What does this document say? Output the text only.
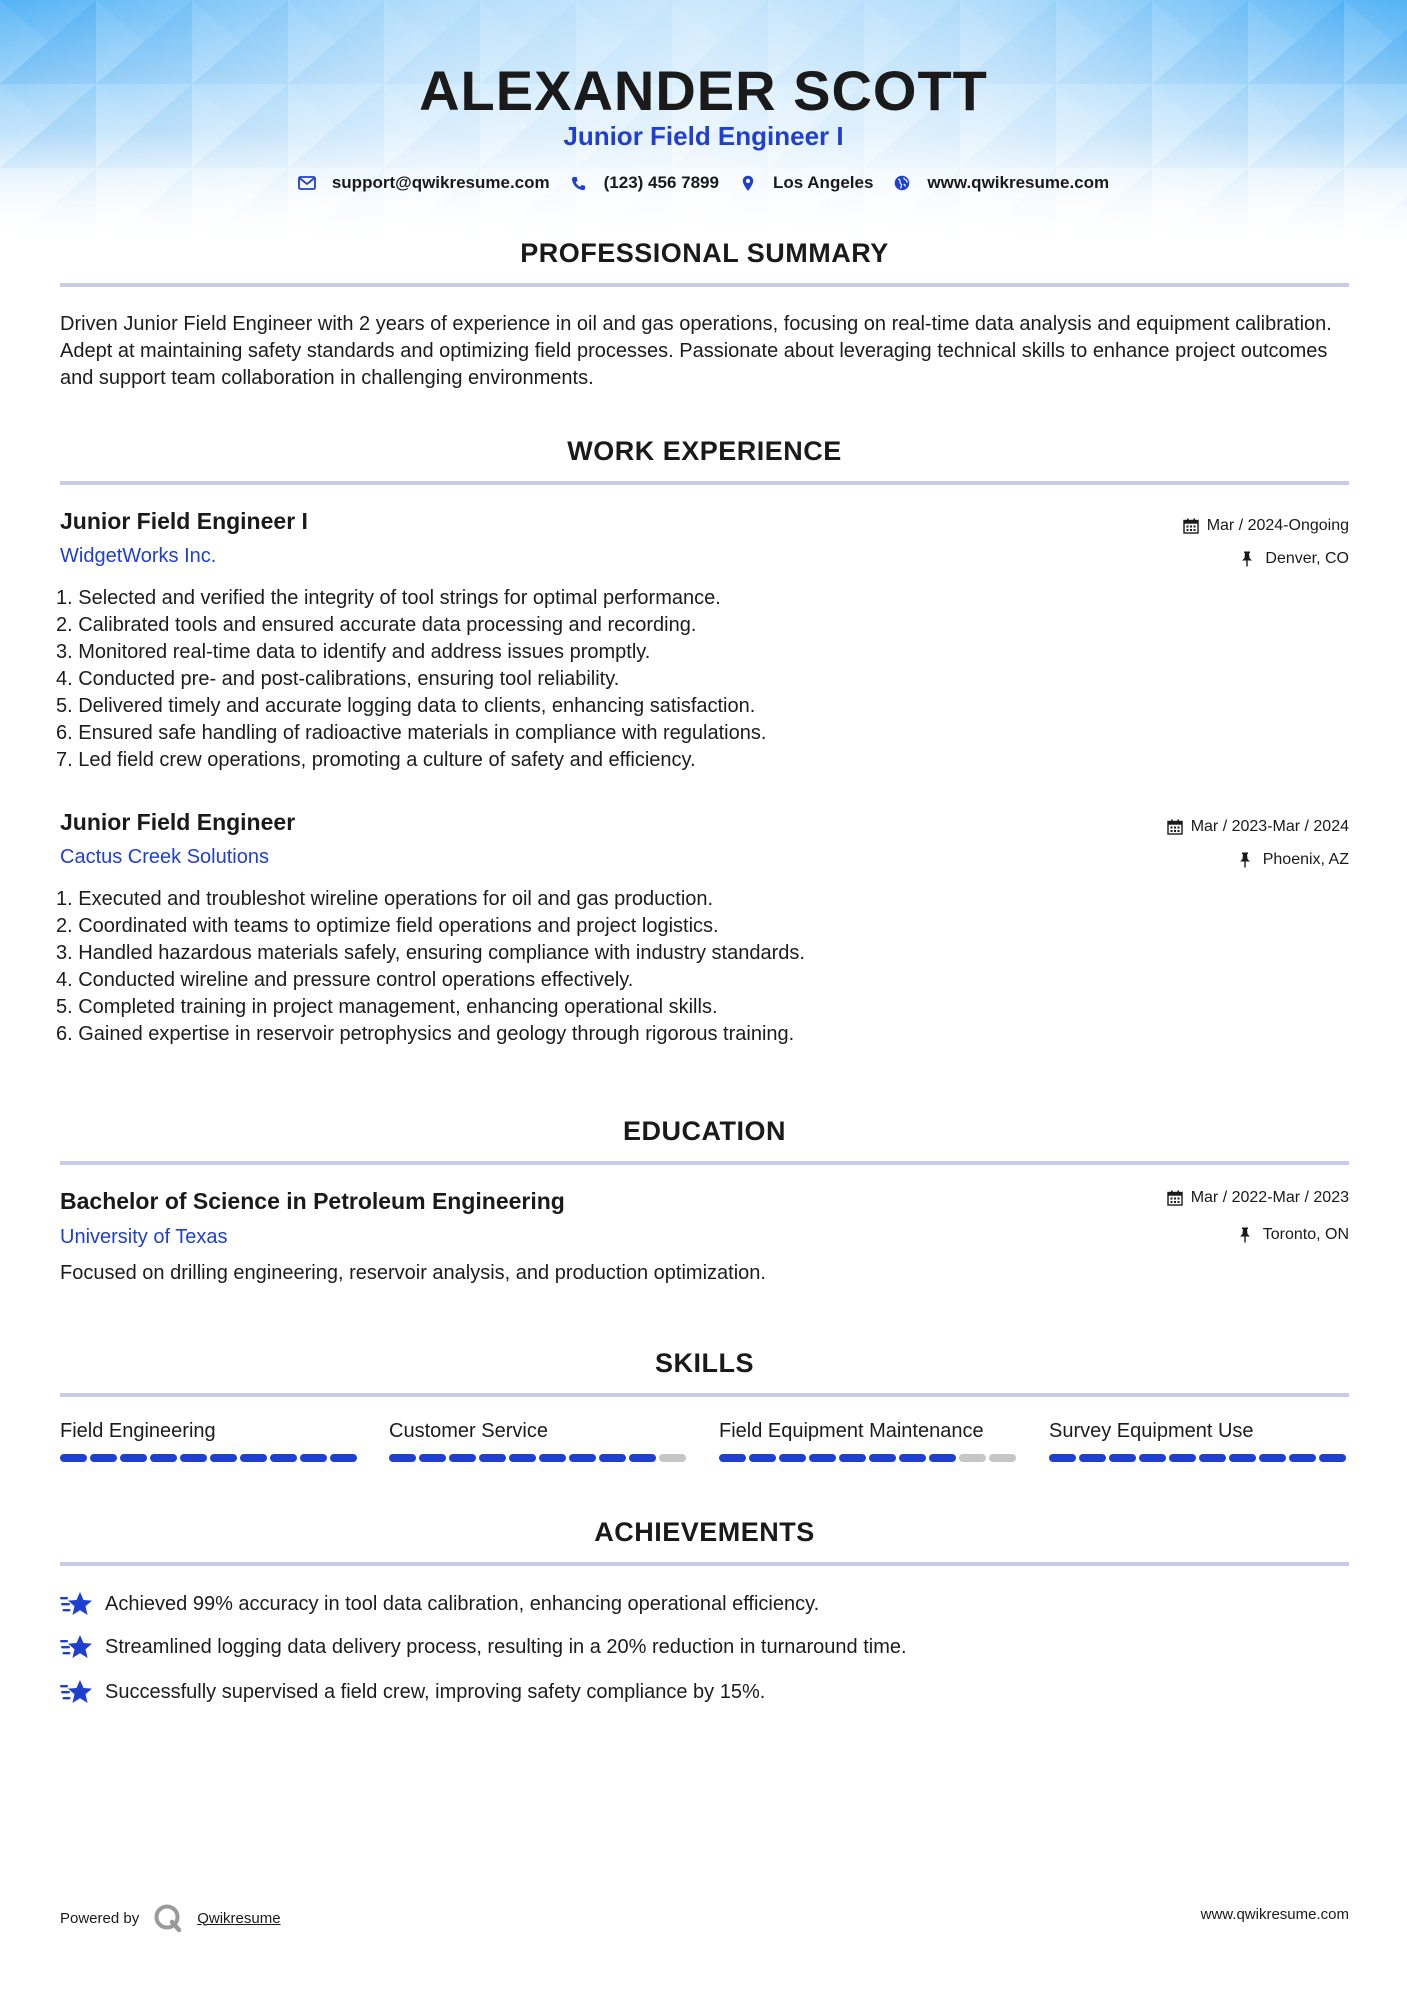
ALEXANDER SCOTT
Junior Field Engineer I
support@qwikresume.com	(123) 456 7899	Los Angeles	www.qwikresume.com
PROFESSIONAL SUMMARY
Driven Junior Field Engineer with 2 years of experience in oil and gas operations, focusing on real-time data analysis and equipment calibration. Adept at maintaining safety standards and optimizing field processes. Passionate about leveraging technical skills to enhance project outcomes and support team collaboration in challenging environments.
WORK EXPERIENCE
Junior Field Engineer I
WidgetWorks Inc.
Mar / 2024-Ongoing
Denver, CO
1. Selected and verified the integrity of tool strings for optimal performance.
2. Calibrated tools and ensured accurate data processing and recording.
3. Monitored real-time data to identify and address issues promptly.
4. Conducted pre- and post-calibrations, ensuring tool reliability.
5. Delivered timely and accurate logging data to clients, enhancing satisfaction.
6. Ensured safe handling of radioactive materials in compliance with regulations.
7. Led field crew operations, promoting a culture of safety and efficiency.
Junior Field Engineer
Cactus Creek Solutions
Mar / 2023-Mar / 2024
Phoenix, AZ
1. Executed and troubleshot wireline operations for oil and gas production.
2. Coordinated with teams to optimize field operations and project logistics.
3. Handled hazardous materials safely, ensuring compliance with industry standards.
4. Conducted wireline and pressure control operations effectively.
5. Completed training in project management, enhancing operational skills.
6. Gained expertise in reservoir petrophysics and geology through rigorous training.
EDUCATION
Bachelor of Science in Petroleum Engineering
University of Texas
Mar / 2022-Mar / 2023
Toronto, ON
Focused on drilling engineering, reservoir analysis, and production optimization.
SKILLS
Field Engineering	Customer Service	Field Equipment Maintenance	Survey Equipment Use
ACHIEVEMENTS
Achieved 99% accuracy in tool data calibration, enhancing operational efficiency.
Streamlined logging data delivery process, resulting in a 20% reduction in turnaround time.
Successfully supervised a field crew, improving safety compliance by 15%.
Powered by	Qwikresume	www.qwikresume.com
